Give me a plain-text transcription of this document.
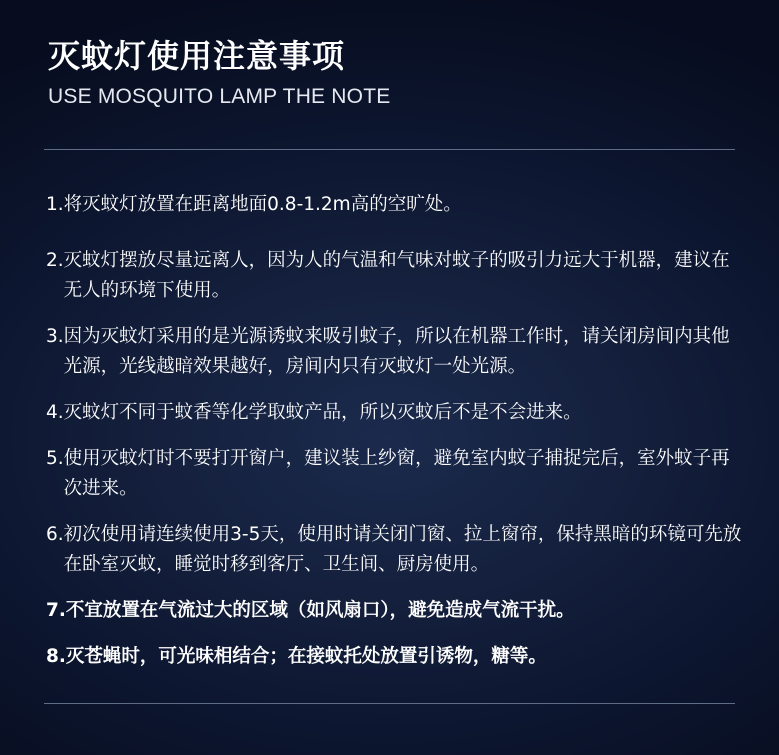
灭蚊灯使用注意事项
USE MOSQUITO LAMP THE NOTE
1. 将灭蚊灯放置在距离地面0.8-1.2m高的空旷处。
2. 灭蚊灯摆放尽量远离人，因为人的气温和气味对蚊子的吸引力远大于机器，建议在无人的环境下使用。
3. 因为灭蚊灯采用的是光源诱蚊来吸引蚊子，所以在机器工作时，请关闭房间内其他光源，光线越暗效果越好，房间内只有灭蚊灯一处光源。
4. 灭蚊灯不同于蚊香等化学取蚊产品，所以灭蚊后不是不会进来。
5. 使用灭蚊灯时不要打开窗户，建议装上纱窗，避免室内蚊子捕捉完后，室外蚊子再次进来。
6. 初次使用请连续使用3-5天，使用时请关闭门窗、拉上窗帘，保持黑暗的环镜可先放在卧室灭蚊，睡觉时移到客厅、卫生间、厨房使用。
7. 不宜放置在气流过大的区域（如风扇口），避免造成气流干扰。
8. 灭苍蝇时，可光味相结合；在接蚊托处放置引诱物，糖等。
